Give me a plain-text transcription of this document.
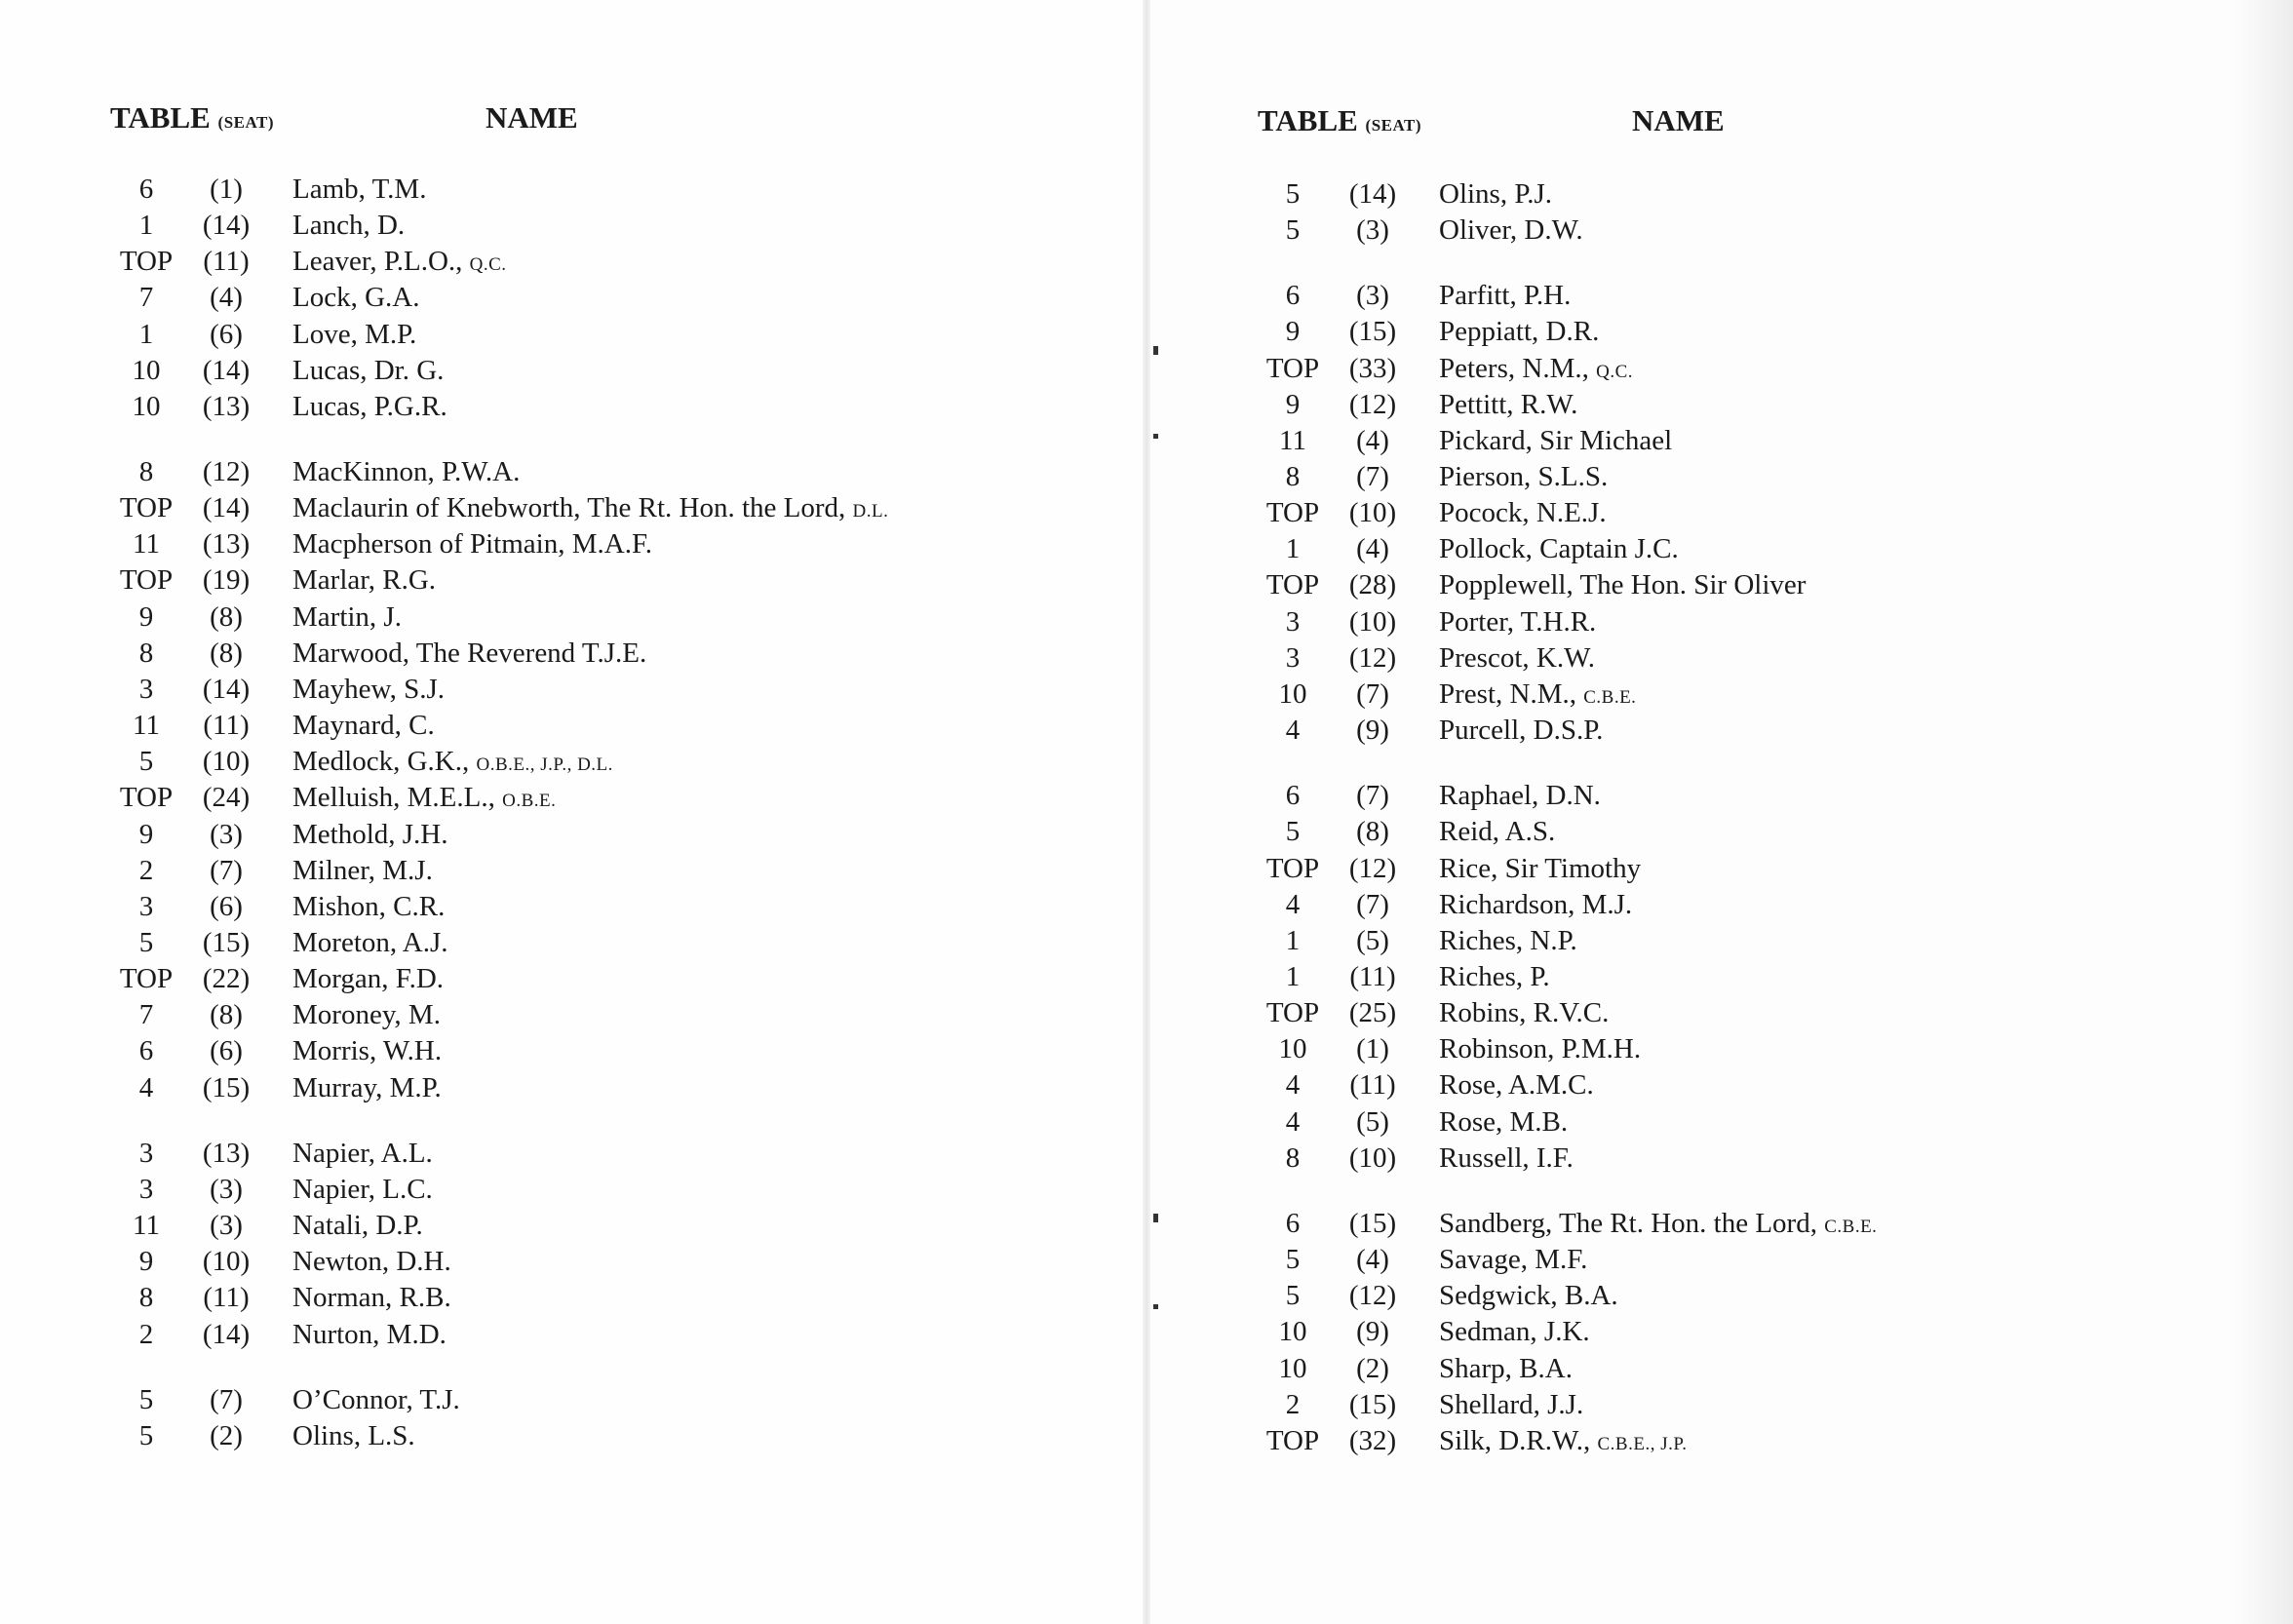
TABLE (SEAT)	NAME
6	(1)	Lamb, T.M.
1	(14)	Lanch, D.
TOP	(11)	Leaver, P.L.O., Q.C.
7	(4)	Lock, G.A.
1	(6)	Love, M.P.
10	(14)	Lucas, Dr. G.
10	(13)	Lucas, P.G.R.
8	(12)	MacKinnon, P.W.A.
TOP	(14)	Maclaurin of Knebworth, The Rt. Hon. the Lord, D.L.
11	(13)	Macpherson of Pitmain, M.A.F.
TOP	(19)	Marlar, R.G.
9	(8)	Martin, J.
8	(8)	Marwood, The Reverend T.J.E.
3	(14)	Mayhew, S.J.
11	(11)	Maynard, C.
5	(10)	Medlock, G.K., O.B.E., J.P., D.L.
TOP	(24)	Melluish, M.E.L., O.B.E.
9	(3)	Methold, J.H.
2	(7)	Milner, M.J.
3	(6)	Mishon, C.R.
5	(15)	Moreton, A.J.
TOP	(22)	Morgan, F.D.
7	(8)	Moroney, M.
6	(6)	Morris, W.H.
4	(15)	Murray, M.P.
3	(13)	Napier, A.L.
3	(3)	Napier, L.C.
11	(3)	Natali, D.P.
9	(10)	Newton, D.H.
8	(11)	Norman, R.B.
2	(14)	Nurton, M.D.
5	(7)	O’Connor, T.J.
5	(2)	Olins, L.S.
TABLE (SEAT)	NAME
5	(14)	Olins, P.J.
5	(3)	Oliver, D.W.
6	(3)	Parfitt, P.H.
9	(15)	Peppiatt, D.R.
TOP	(33)	Peters, N.M., Q.C.
9	(12)	Pettitt, R.W.
11	(4)	Pickard, Sir Michael
8	(7)	Pierson, S.L.S.
TOP	(10)	Pocock, N.E.J.
1	(4)	Pollock, Captain J.C.
TOP	(28)	Popplewell, The Hon. Sir Oliver
3	(10)	Porter, T.H.R.
3	(12)	Prescot, K.W.
10	(7)	Prest, N.M., C.B.E.
4	(9)	Purcell, D.S.P.
6	(7)	Raphael, D.N.
5	(8)	Reid, A.S.
TOP	(12)	Rice, Sir Timothy
4	(7)	Richardson, M.J.
1	(5)	Riches, N.P.
1	(11)	Riches, P.
TOP	(25)	Robins, R.V.C.
10	(1)	Robinson, P.M.H.
4	(11)	Rose, A.M.C.
4	(5)	Rose, M.B.
8	(10)	Russell, I.F.
6	(15)	Sandberg, The Rt. Hon. the Lord, C.B.E.
5	(4)	Savage, M.F.
5	(12)	Sedgwick, B.A.
10	(9)	Sedman, J.K.
10	(2)	Sharp, B.A.
2	(15)	Shellard, J.J.
TOP	(32)	Silk, D.R.W., C.B.E., J.P.
